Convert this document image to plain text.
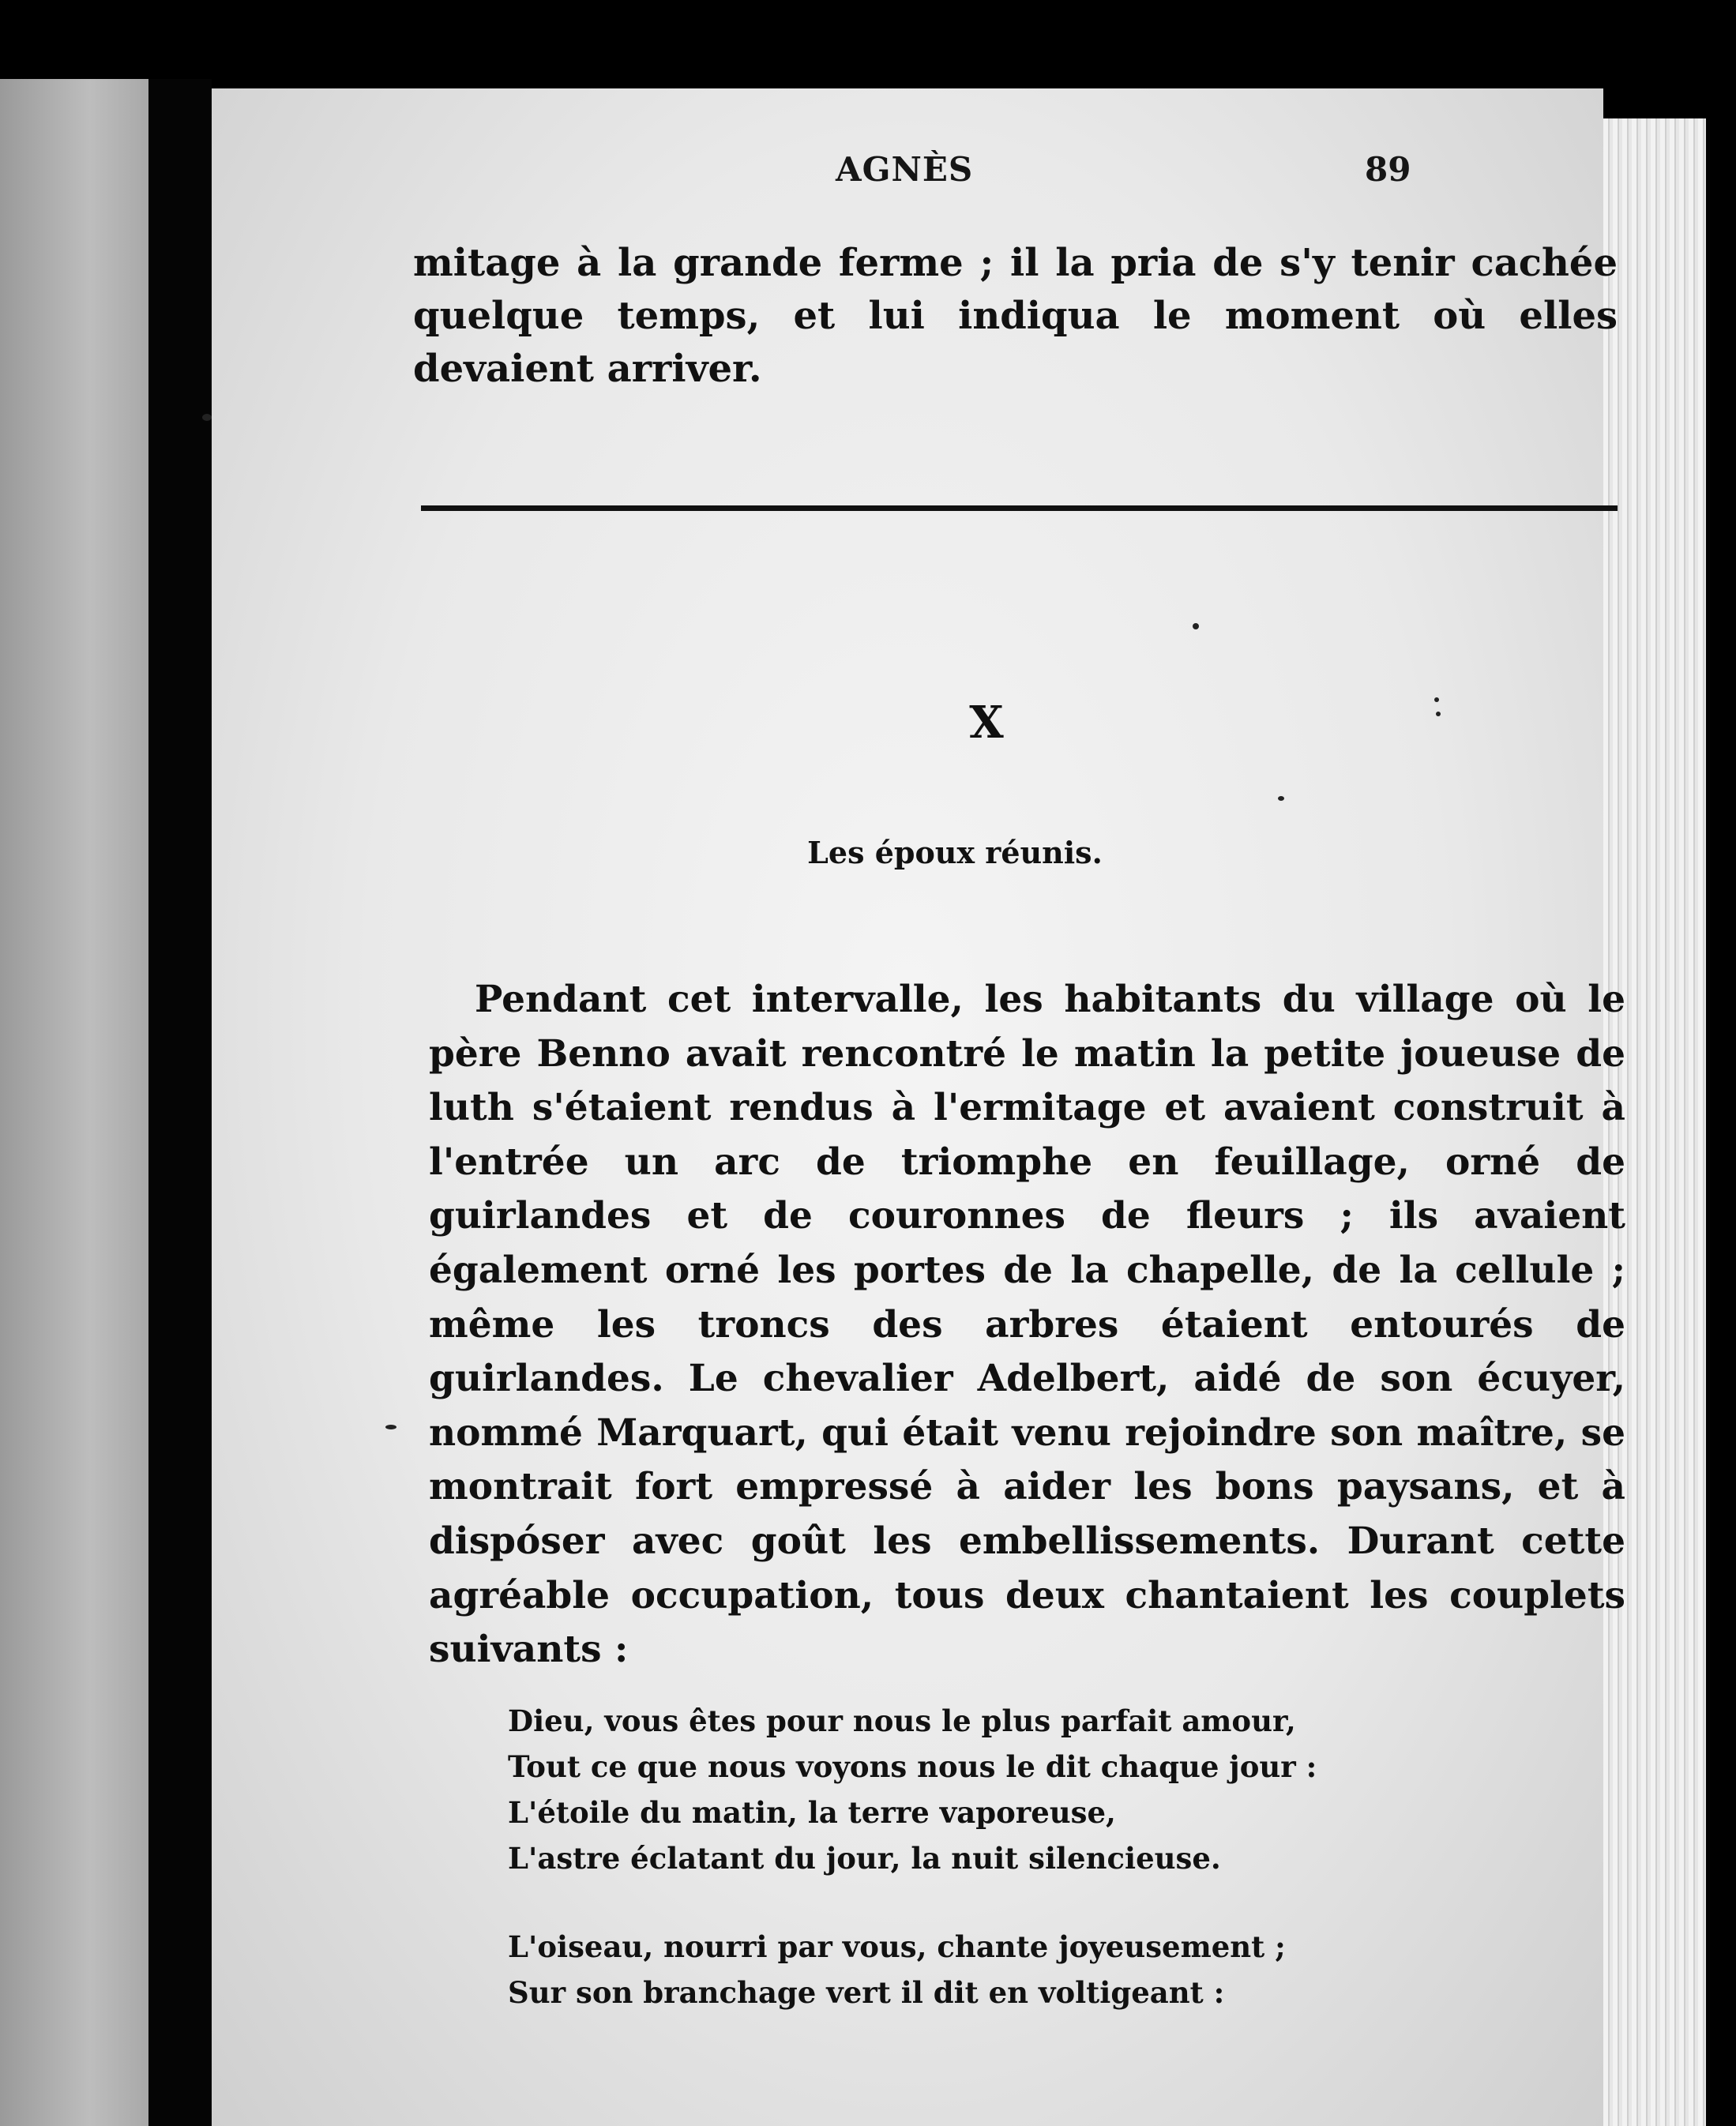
AGNÈS	89
mitage à la grande ferme ; il la pria de s'y tenir cachée quelque temps, et lui indiqua le moment où elles devaient arriver.
X
Les époux réunis.
Pendant cet intervalle, les habitants du village où le père Benno avait rencontré le matin la petite joueuse de luth s'étaient rendus à l'ermitage et avaient construit à l'entrée un arc de triomphe en feuillage, orné de guirlandes et de couronnes de fleurs ; ils avaient également orné les portes de la chapelle, de la cellule ; même les troncs des arbres étaient entourés de guirlandes. Le chevalier Adelbert, aidé de son écuyer, nommé Marquart, qui était venu rejoindre son maître, se montrait fort empressé à aider les bons paysans, et à dispóser avec goût les embellissements. Durant cette agréable occupation, tous deux chantaient les couplets suivants :
Dieu, vous êtes pour nous le plus parfait amour,
Tout ce que nous voyons nous le dit chaque jour :
L'étoile du matin, la terre vaporeuse,
L'astre éclatant du jour, la nuit silencieuse.
L'oiseau, nourri par vous, chante joyeusement ;
Sur son branchage vert il dit en voltigeant :
